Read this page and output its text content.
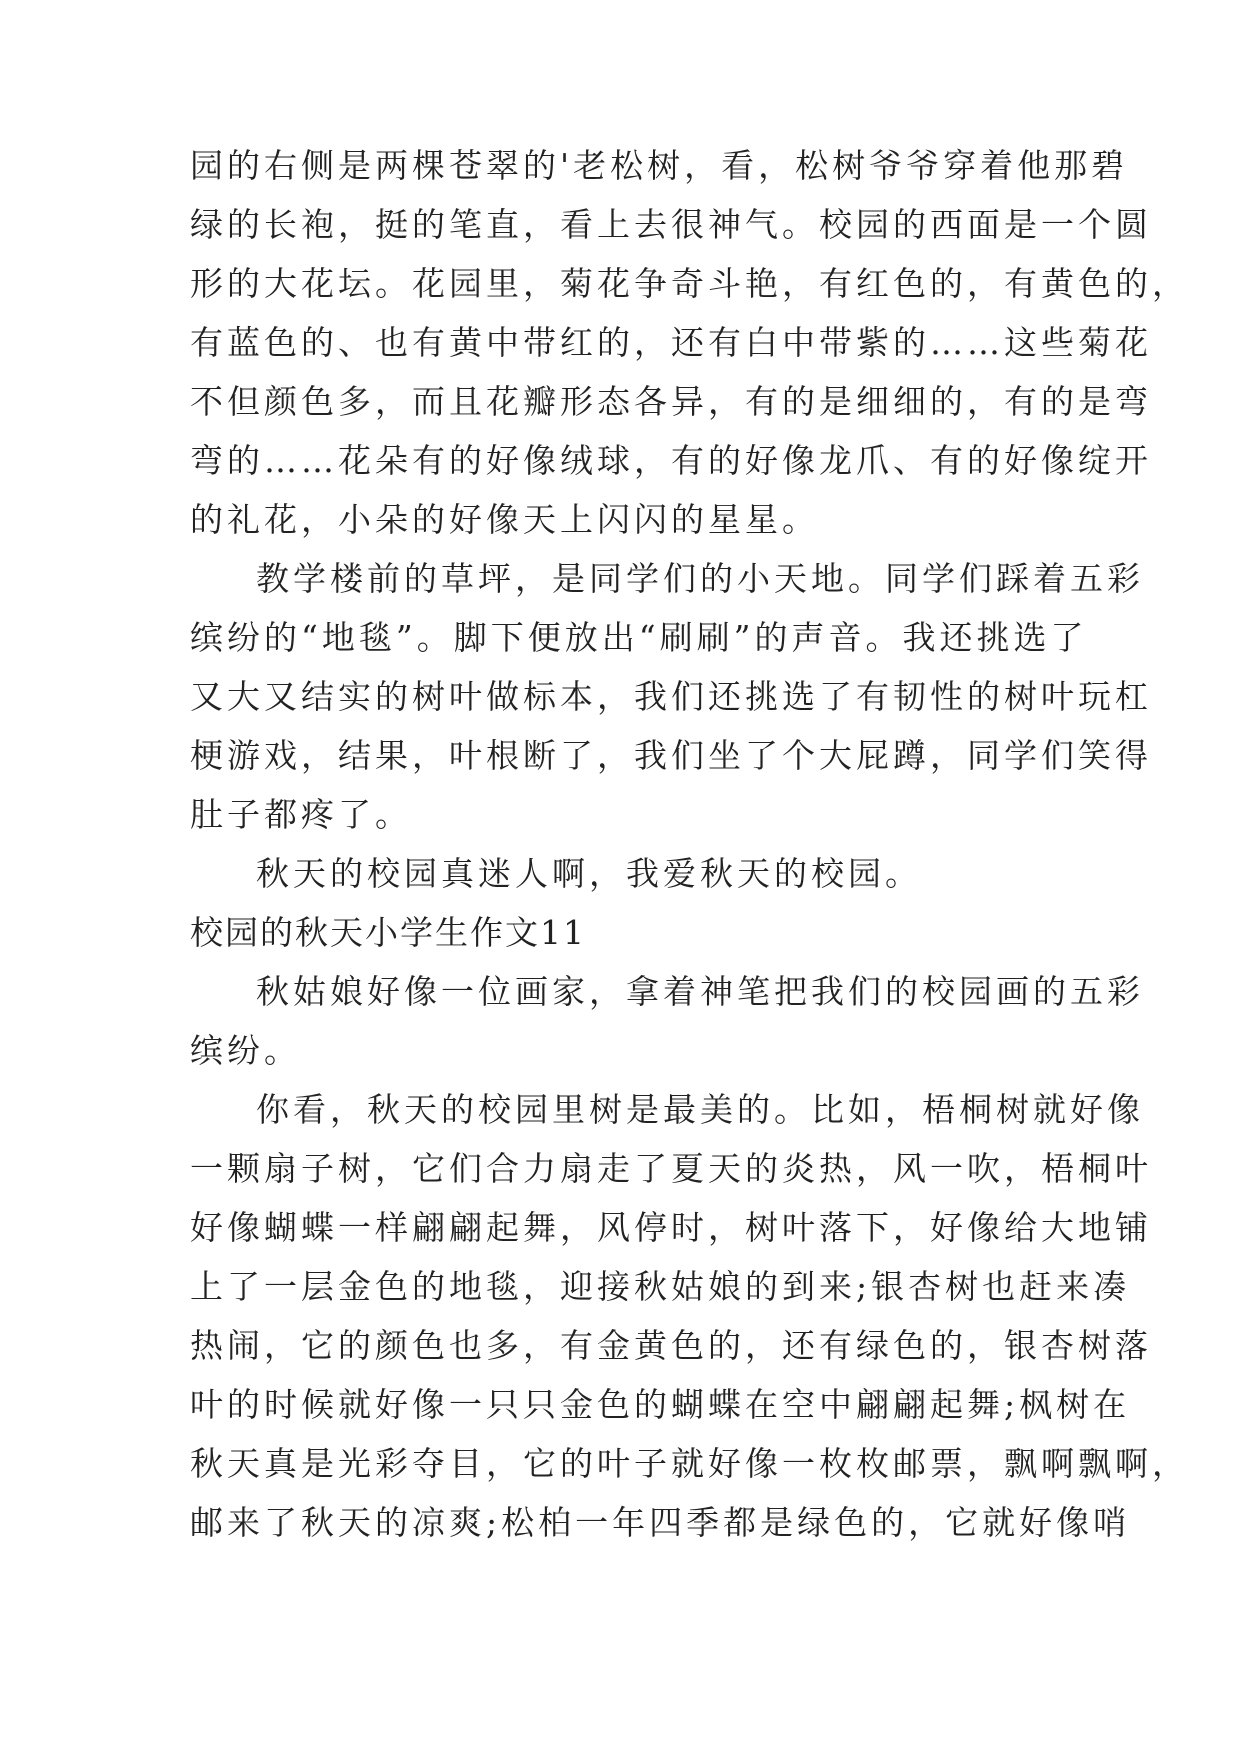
园的右侧是两棵苍翠的'老松树，看，松树爷爷穿着他那碧
绿的长袍，挺的笔直，看上去很神气。校园的西面是一个圆
形的大花坛。花园里，菊花争奇斗艳，有红色的，有黄色的，
有蓝色的、也有黄中带红的，还有白中带紫的……这些菊花
不但颜色多，而且花瓣形态各异，有的是细细的，有的是弯
弯的……花朵有的好像绒球，有的好像龙爪、有的好像绽开
的礼花，小朵的好像天上闪闪的星星。
教学楼前的草坪，是同学们的小天地。同学们踩着五彩
缤纷的“地毯”。脚下便放出“刷刷”的声音。我还挑选了
又大又结实的树叶做标本，我们还挑选了有韧性的树叶玩杠
梗游戏，结果，叶根断了，我们坐了个大屁蹲，同学们笑得
肚子都疼了。
秋天的校园真迷人啊，我爱秋天的校园。
校园的秋天小学生作文11
秋姑娘好像一位画家，拿着神笔把我们的校园画的五彩
缤纷。
你看，秋天的校园里树是最美的。比如，梧桐树就好像
一颗扇子树，它们合力扇走了夏天的炎热，风一吹，梧桐叶
好像蝴蝶一样翩翩起舞，风停时，树叶落下，好像给大地铺
上了一层金色的地毯，迎接秋姑娘的到来;银杏树也赶来凑
热闹，它的颜色也多，有金黄色的，还有绿色的，银杏树落
叶的时候就好像一只只金色的蝴蝶在空中翩翩起舞;枫树在
秋天真是光彩夺目，它的叶子就好像一枚枚邮票，飘啊飘啊，
邮来了秋天的凉爽;松柏一年四季都是绿色的，它就好像哨
